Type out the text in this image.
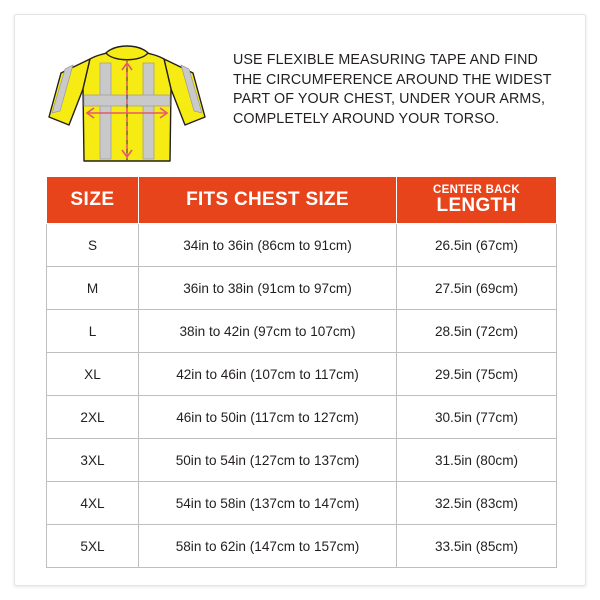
USE FLEXIBLE MEASURING TAPE AND FIND THE CIRCUMFERENCE AROUND THE WIDEST PART OF YOUR CHEST, UNDER YOUR ARMS, COMPLETELY AROUND YOUR TORSO.
SIZE	FITS CHEST SIZE	CENTER BACK
LENGTH

S	34in to 36in (86cm to 91cm)	26.5in (67cm)
M	36in to 38in (91cm to 97cm)	27.5in (69cm)
L	38in to 42in (97cm to 107cm)	28.5in (72cm)
XL	42in to 46in (107cm to 117cm)	29.5in (75cm)
2XL	46in to 50in (117cm to 127cm)	30.5in (77cm)
3XL	50in to 54in (127cm to 137cm)	31.5in (80cm)
4XL	54in to 58in (137cm to 147cm)	32.5in (83cm)
5XL	58in to 62in (147cm to 157cm)	33.5in (85cm)
